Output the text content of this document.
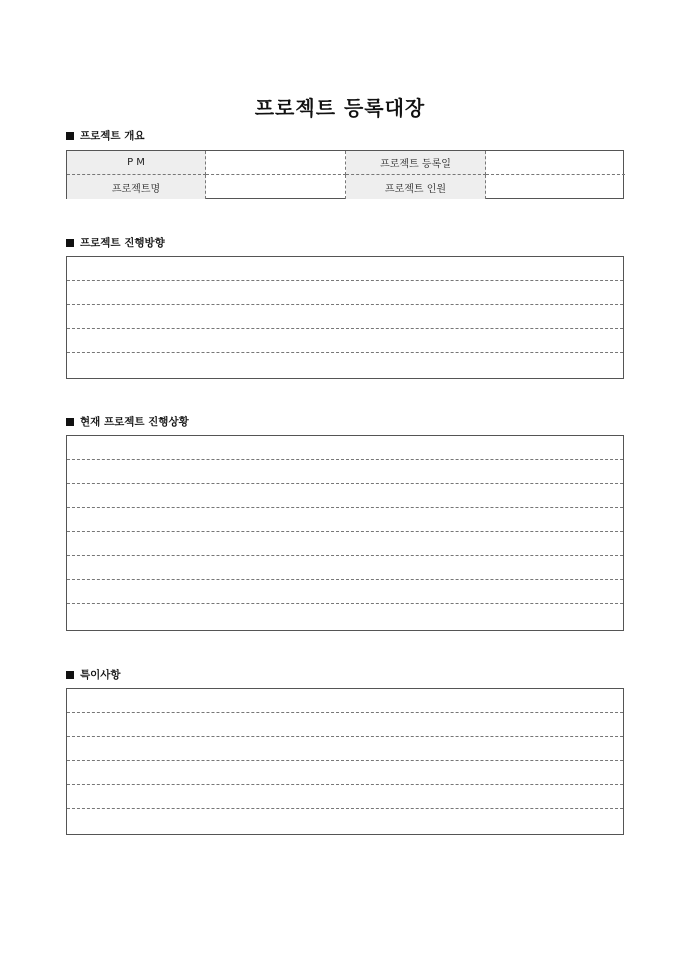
프로젝트 등록대장
프로젝트 개요
P M	프로젝트 등록일
프로젝트명	프로젝트 인원
프로젝트 진행방향
현재 프로젝트 진행상황
특이사항
